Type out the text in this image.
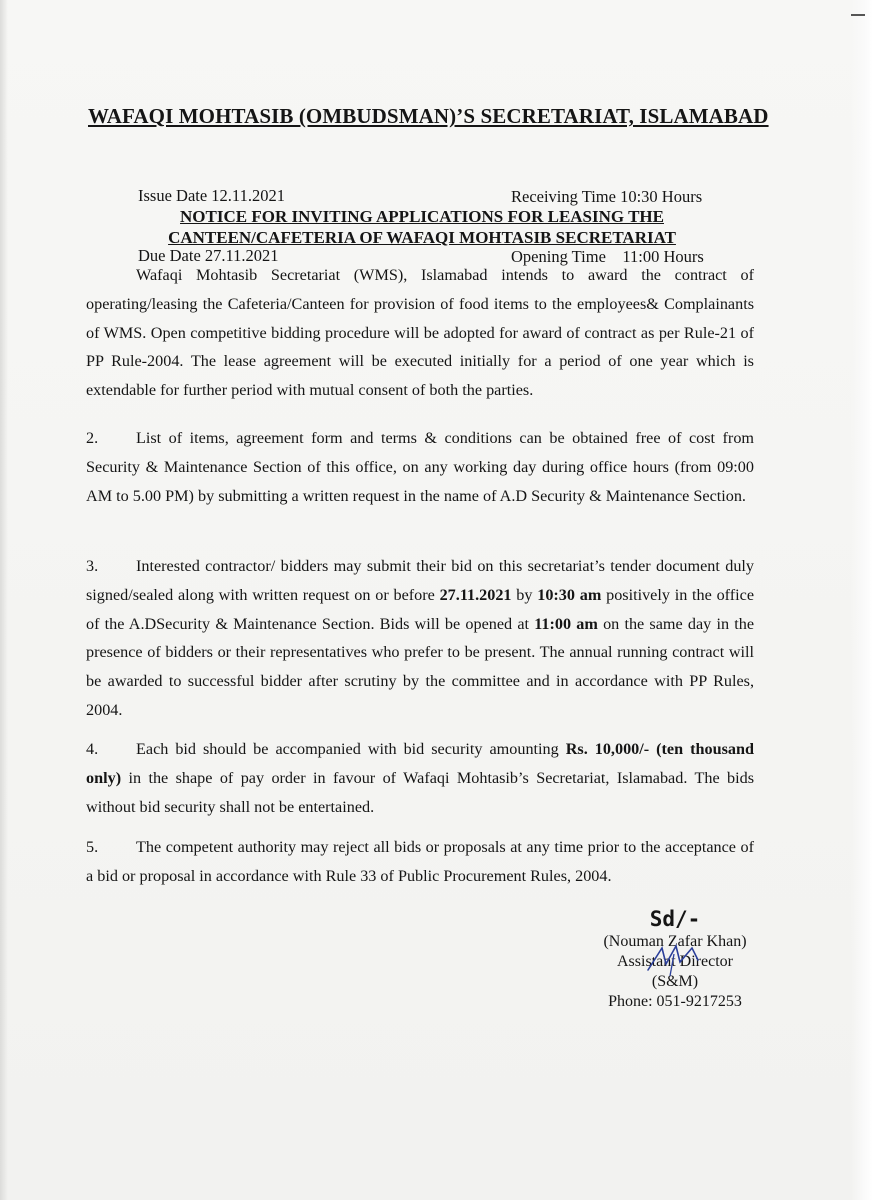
WAFAQI MOHTASIB (OMBUDSMAN)’S SECRETARIAT, ISLAMABAD

Issue Date 12.11.2021

Due Date 27.11.2021

Receiving Time 10:30 Hours

Opening Time    11:00 Hours

NOTICE FOR INVITING APPLICATIONS FOR LEASING THE
CANTEEN/CAFETERIA OF WAFAQI MOHTASIB SECRETARIAT
Wafaqi Mohtasib Secretariat (WMS), Islamabad intends to award the contract of operating/leasing the Cafeteria/Canteen for provision of food items to the employees& Complainants of WMS. Open competitive bidding procedure will be adopted for award of contract as per Rule-21 of PP Rule-2004. The lease agreement will be executed initially for a period of one year which is extendable for further period with mutual consent of both the parties.
2. List of items, agreement form and terms & conditions can be obtained free of cost from Security & Maintenance Section of this office, on any working day during office hours (from 09:00 AM to 5.00 PM) by submitting a written request in the name of A.D Security & Maintenance Section.
3. Interested contractor/ bidders may submit their bid on this secretariat’s tender document duly signed/sealed along with written request on or before 27.11.2021 by 10:30 am positively in the office of the A.DSecurity & Maintenance Section. Bids will be opened at 11:00 am on the same day in the presence of bidders or their representatives who prefer to be present. The annual running contract will be awarded to successful bidder after scrutiny by the committee and in accordance with PP Rules, 2004.
4. Each bid should be accompanied with bid security amounting Rs. 10,000/- (ten thousand only) in the shape of pay order in favour of Wafaqi Mohtasib’s Secretariat, Islamabad. The bids without bid security shall not be entertained.
5. The competent authority may reject all bids or proposals at any time prior to the acceptance of a bid or proposal in accordance with Rule 33 of Public Procurement Rules, 2004.
Sd/-
(Nouman Zafar Khan)
Assistant Director
(S&M)
Phone: 051-9217253
